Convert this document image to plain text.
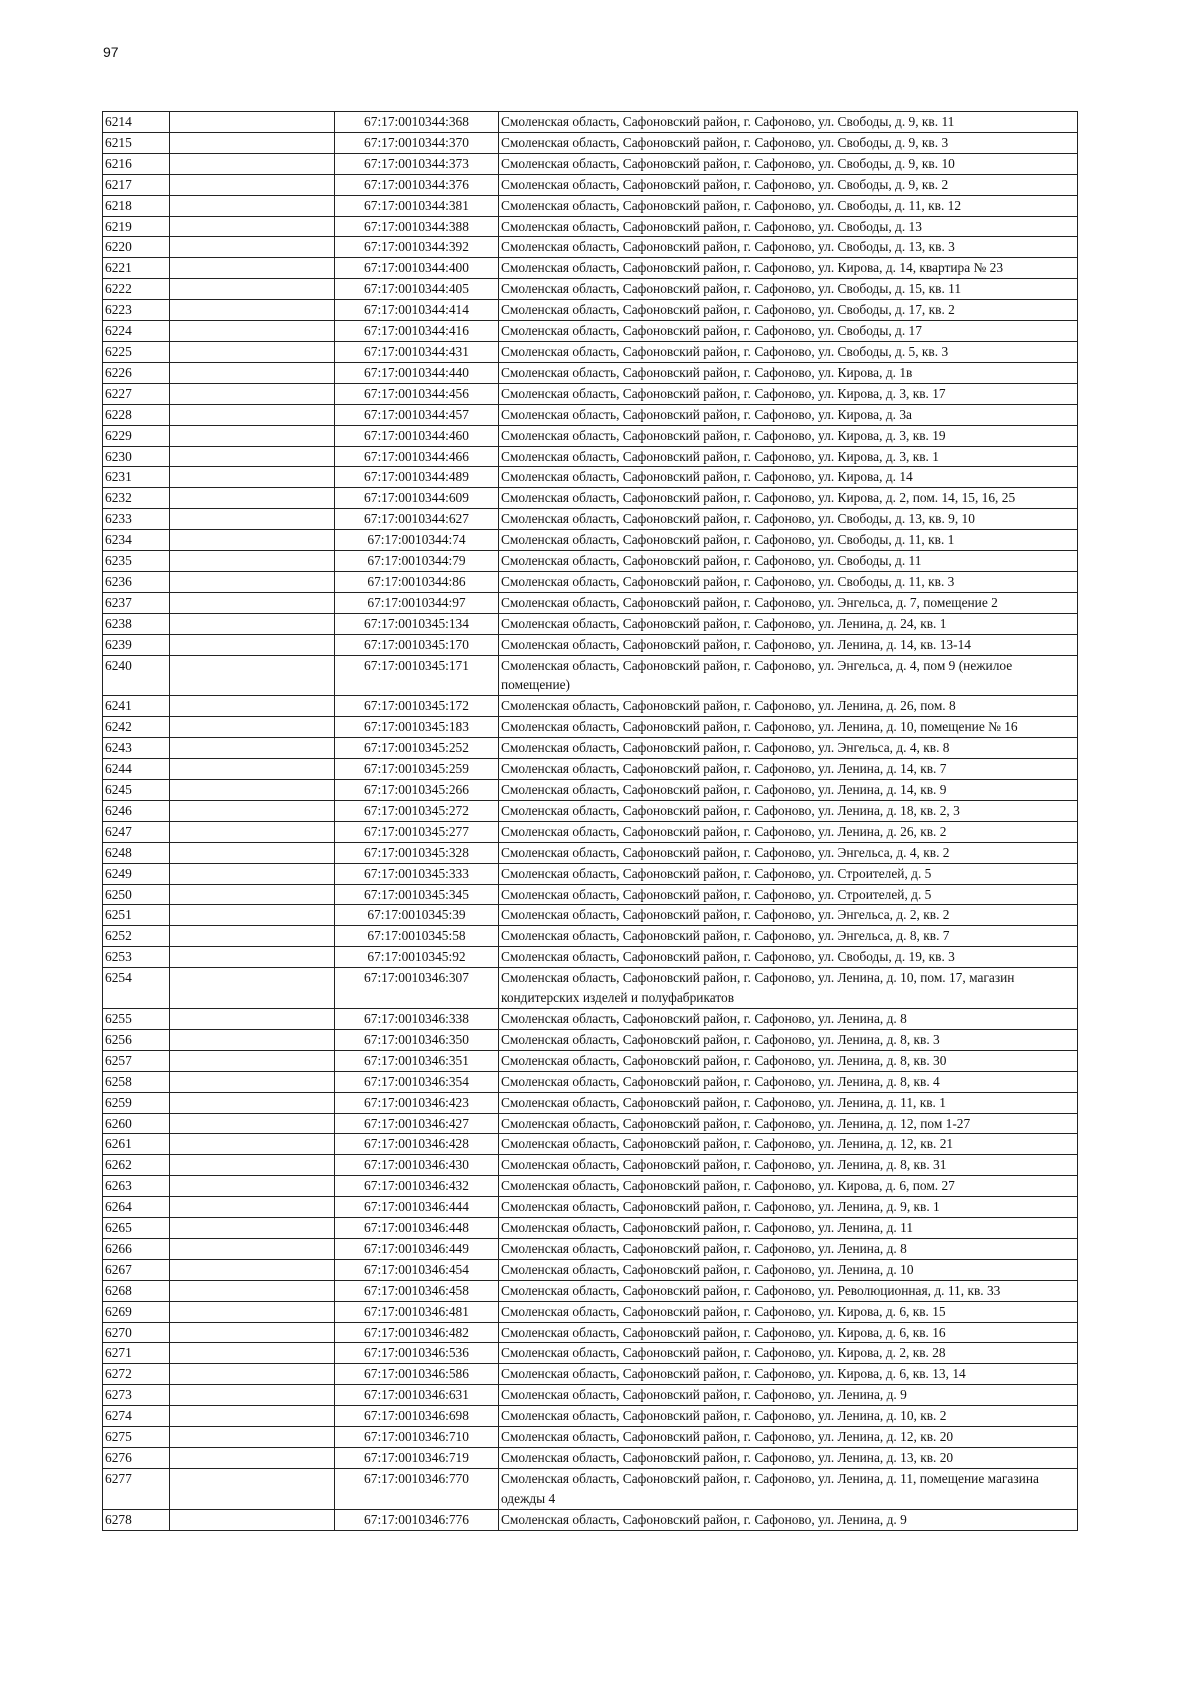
97
6214		67:17:0010344:368	Смоленская область, Сафоновский район, г. Сафоново, ул. Свободы, д. 9, кв. 11
6215		67:17:0010344:370	Смоленская область, Сафоновский район, г. Сафоново, ул. Свободы, д. 9, кв. 3
6216		67:17:0010344:373	Смоленская область, Сафоновский район, г. Сафоново, ул. Свободы, д. 9, кв. 10
6217		67:17:0010344:376	Смоленская область, Сафоновский район, г. Сафоново, ул. Свободы, д. 9, кв. 2
6218		67:17:0010344:381	Смоленская область, Сафоновский район, г. Сафоново, ул. Свободы, д. 11, кв. 12
6219		67:17:0010344:388	Смоленская область, Сафоновский район, г. Сафоново, ул. Свободы, д. 13
6220		67:17:0010344:392	Смоленская область, Сафоновский район, г. Сафоново, ул. Свободы, д. 13, кв. 3
6221		67:17:0010344:400	Смоленская область, Сафоновский район, г. Сафоново, ул. Кирова, д. 14, квартира № 23
6222		67:17:0010344:405	Смоленская область, Сафоновский район, г. Сафоново, ул. Свободы, д. 15, кв. 11
6223		67:17:0010344:414	Смоленская область, Сафоновский район, г. Сафоново, ул. Свободы, д. 17, кв. 2
6224		67:17:0010344:416	Смоленская область, Сафоновский район, г. Сафоново, ул. Свободы, д. 17
6225		67:17:0010344:431	Смоленская область, Сафоновский район, г. Сафоново, ул. Свободы, д. 5, кв. 3
6226		67:17:0010344:440	Смоленская область, Сафоновский район, г. Сафоново, ул. Кирова, д. 1в
6227		67:17:0010344:456	Смоленская область, Сафоновский район, г. Сафоново, ул. Кирова, д. 3, кв. 17
6228		67:17:0010344:457	Смоленская область, Сафоновский район, г. Сафоново, ул. Кирова, д. 3а
6229		67:17:0010344:460	Смоленская область, Сафоновский район, г. Сафоново, ул. Кирова, д. 3, кв. 19
6230		67:17:0010344:466	Смоленская область, Сафоновский район, г. Сафоново, ул. Кирова, д. 3, кв. 1
6231		67:17:0010344:489	Смоленская область, Сафоновский район, г. Сафоново, ул. Кирова, д. 14
6232		67:17:0010344:609	Смоленская область, Сафоновский район, г. Сафоново, ул. Кирова, д. 2, пом. 14, 15, 16, 25
6233		67:17:0010344:627	Смоленская область, Сафоновский район, г. Сафоново, ул. Свободы, д. 13, кв. 9, 10
6234		67:17:0010344:74	Смоленская область, Сафоновский район, г. Сафоново, ул. Свободы, д. 11, кв. 1
6235		67:17:0010344:79	Смоленская область, Сафоновский район, г. Сафоново, ул. Свободы, д. 11
6236		67:17:0010344:86	Смоленская область, Сафоновский район, г. Сафоново, ул. Свободы, д. 11, кв. 3
6237		67:17:0010344:97	Смоленская область, Сафоновский район, г. Сафоново, ул. Энгельса, д. 7, помещение 2
6238		67:17:0010345:134	Смоленская область, Сафоновский район, г. Сафоново, ул. Ленина, д. 24, кв. 1
6239		67:17:0010345:170	Смоленская область, Сафоновский район, г. Сафоново, ул. Ленина, д. 14, кв. 13-14
6240		67:17:0010345:171	Смоленская область, Сафоновский район, г. Сафоново, ул. Энгельса, д. 4, пом 9 (нежилое помещение)
6241		67:17:0010345:172	Смоленская область, Сафоновский район, г. Сафоново, ул. Ленина, д. 26, пом. 8
6242		67:17:0010345:183	Смоленская область, Сафоновский район, г. Сафоново, ул. Ленина, д. 10, помещение № 16
6243		67:17:0010345:252	Смоленская область, Сафоновский район, г. Сафоново, ул. Энгельса, д. 4, кв. 8
6244		67:17:0010345:259	Смоленская область, Сафоновский район, г. Сафоново, ул. Ленина, д. 14, кв. 7
6245		67:17:0010345:266	Смоленская область, Сафоновский район, г. Сафоново, ул. Ленина, д. 14, кв. 9
6246		67:17:0010345:272	Смоленская область, Сафоновский район, г. Сафоново, ул. Ленина, д. 18, кв. 2, 3
6247		67:17:0010345:277	Смоленская область, Сафоновский район, г. Сафоново, ул. Ленина, д. 26, кв. 2
6248		67:17:0010345:328	Смоленская область, Сафоновский район, г. Сафоново, ул. Энгельса, д. 4, кв. 2
6249		67:17:0010345:333	Смоленская область, Сафоновский район, г. Сафоново, ул. Строителей, д. 5
6250		67:17:0010345:345	Смоленская область, Сафоновский район, г. Сафоново, ул. Строителей, д. 5
6251		67:17:0010345:39	Смоленская область, Сафоновский район, г. Сафоново, ул. Энгельса, д. 2, кв. 2
6252		67:17:0010345:58	Смоленская область, Сафоновский район, г. Сафоново, ул. Энгельса, д. 8, кв. 7
6253		67:17:0010345:92	Смоленская область, Сафоновский район, г. Сафоново, ул. Свободы, д. 19, кв. 3
6254		67:17:0010346:307	Смоленская область, Сафоновский район, г. Сафоново, ул. Ленина, д. 10, пом. 17, магазин кондитерских изделей и полуфабрикатов
6255		67:17:0010346:338	Смоленская область, Сафоновский район, г. Сафоново, ул. Ленина, д. 8
6256		67:17:0010346:350	Смоленская область, Сафоновский район, г. Сафоново, ул. Ленина, д. 8, кв. 3
6257		67:17:0010346:351	Смоленская область, Сафоновский район, г. Сафоново, ул. Ленина, д. 8, кв. 30
6258		67:17:0010346:354	Смоленская область, Сафоновский район, г. Сафоново, ул. Ленина, д. 8, кв. 4
6259		67:17:0010346:423	Смоленская область, Сафоновский район, г. Сафоново, ул. Ленина, д. 11, кв. 1
6260		67:17:0010346:427	Смоленская область, Сафоновский район, г. Сафоново, ул. Ленина, д. 12, пом 1-27
6261		67:17:0010346:428	Смоленская область, Сафоновский район, г. Сафоново, ул. Ленина, д. 12, кв. 21
6262		67:17:0010346:430	Смоленская область, Сафоновский район, г. Сафоново, ул. Ленина, д. 8, кв. 31
6263		67:17:0010346:432	Смоленская область, Сафоновский район, г. Сафоново, ул. Кирова, д. 6, пом. 27
6264		67:17:0010346:444	Смоленская область, Сафоновский район, г. Сафоново, ул. Ленина, д. 9, кв. 1
6265		67:17:0010346:448	Смоленская область, Сафоновский район, г. Сафоново, ул. Ленина, д. 11
6266		67:17:0010346:449	Смоленская область, Сафоновский район, г. Сафоново, ул. Ленина, д. 8
6267		67:17:0010346:454	Смоленская область, Сафоновский район, г. Сафоново, ул. Ленина, д. 10
6268		67:17:0010346:458	Смоленская область, Сафоновский район, г. Сафоново, ул. Революционная, д. 11, кв. 33
6269		67:17:0010346:481	Смоленская область, Сафоновский район, г. Сафоново, ул. Кирова, д. 6, кв. 15
6270		67:17:0010346:482	Смоленская область, Сафоновский район, г. Сафоново, ул. Кирова, д. 6, кв. 16
6271		67:17:0010346:536	Смоленская область, Сафоновский район, г. Сафоново, ул. Кирова, д. 2, кв. 28
6272		67:17:0010346:586	Смоленская область, Сафоновский район, г. Сафоново, ул. Кирова, д. 6, кв. 13, 14
6273		67:17:0010346:631	Смоленская область, Сафоновский район, г. Сафоново, ул. Ленина, д. 9
6274		67:17:0010346:698	Смоленская область, Сафоновский район, г. Сафоново, ул. Ленина, д. 10, кв. 2
6275		67:17:0010346:710	Смоленская область, Сафоновский район, г. Сафоново, ул. Ленина, д. 12, кв. 20
6276		67:17:0010346:719	Смоленская область, Сафоновский район, г. Сафоново, ул. Ленина, д. 13, кв. 20
6277		67:17:0010346:770	Смоленская область, Сафоновский район, г. Сафоново, ул. Ленина, д. 11, помещение магазина одежды 4
6278		67:17:0010346:776	Смоленская область, Сафоновский район, г. Сафоново, ул. Ленина, д. 9
